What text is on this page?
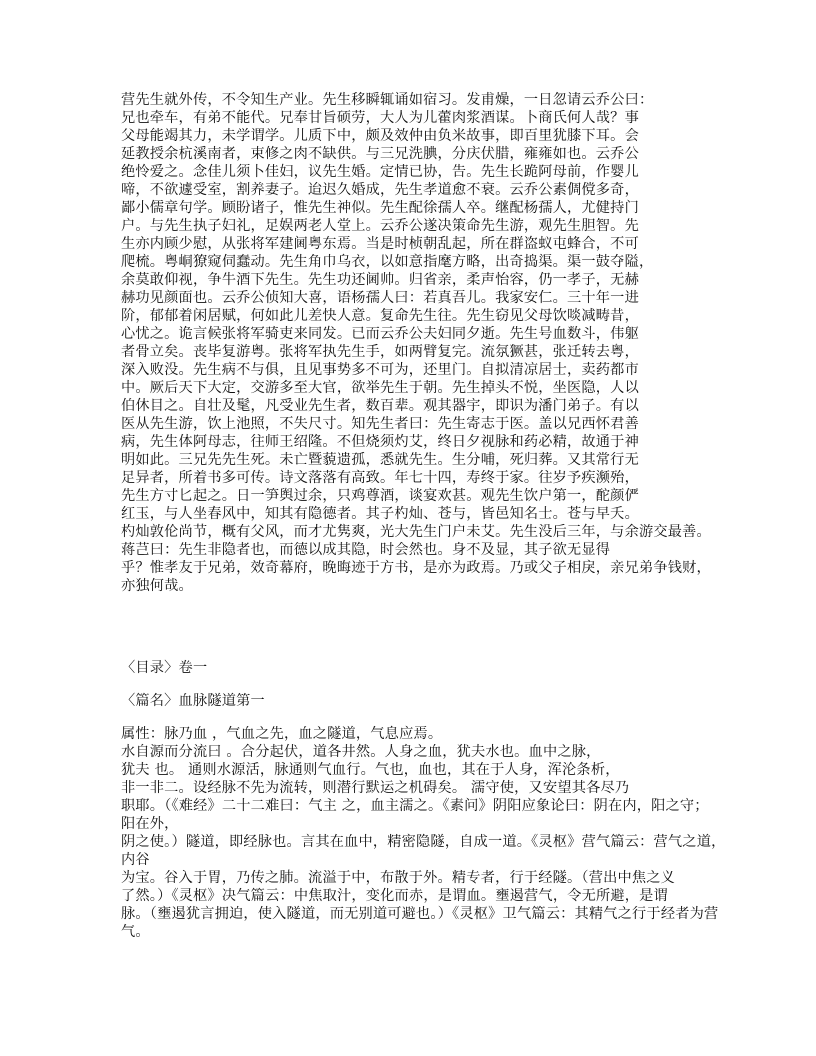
营先生就外传，不令知生产业。先生移瞬辄诵如宿习。发甫燥，一日忽请云乔公曰：
兄也牵车，有弟不能代。兄奉甘旨硕劳，大人为儿藿肉浆酒谋。卜商氏何人哉？事
父母能竭其力，未学谓学。儿质下中，颇及效仲由负米故事，即百里犹膝下耳。会
延教授余杭溪南者，束修之肉不缺供。与三兄洗腆，分庆伏腊，雍雍如也。云乔公
绝怜爱之。念佳儿须卜佳妇，议先生婚。定情已协，告。先生长跪阿母前，作婴儿
啼，不欲遽受室，割养妻子。迨迟久婚成，先生孝道愈不衰。云乔公素倜傥多奇，
鄙小儒章句学。顾盼诸子，惟先生神似。先生配徐孺人卒。继配杨孺人，尤健持门
户。与先生执子妇礼，足娱两老人堂上。云乔公遂决策命先生游，观先生胆智。先
生亦内顾少慰，从张将军建阃粤东焉。当是时桢朝乱起，所在群盗蚁屯蜂合，不可
爬梳。粤峒獠窥伺蠢动。先生角巾乌衣，以如意指麾方略，出奇捣渠。渠一鼓夺隘，
余莫敢仰视，争牛酒下先生。先生功还阃帅。归省亲，柔声怡容，仍一孝子，无赫
赫功见颜面也。云乔公侦知大喜，语杨孺人曰：若真吾儿。我家安仁。三十年一进
阶，郁郁着闲居赋，何如此儿差快人意。复命先生往。先生窃见父母饮啖减畴昔，
心忧之。诡言候张将军骑吏来同发。已而云乔公夫妇同夕逝。先生号血数斗，伟躯
者骨立矣。丧毕复游粤。张将军执先生手，如两臂复完。流氛獗甚，张迁转去粤，
深入败没。先生病不与俱，且见事势多不可为，还里门。自拟清凉居士，卖药都市
中。厥后天下大定，交游多至大官，欲举先生于朝。先生掉头不悦，坐医隐，人以
伯休目之。自壮及髦，凡受业先生者，数百辈。观其器宇，即识为潘门弟子。有以
医从先生游，饮上池照，不失尺寸。知先生者曰：先生寄志于医。盖以兄西怀君善
病，先生体阿母志，往师王绍隆。不但烧须灼艾，终日夕视脉和药必精，故通于神
明如此。三兄先先生死。未亡暨藐遗孤，悉就先生。生分哺，死归葬。又其常行无
足异者，所着书多可传。诗文落落有高致。年七十四，寿终于家。往岁予疾濒殆，
先生方寸匕起之。日一笋舆过余，只鸡尊酒，谈宴欢甚。观先生饮户第一，酡颜俨
红玉，与人坐春风中，知其有隐德者。其子杓灿、苍与，皆邑知名士。苍与早夭。
杓灿敦伦尚节，概有父风，而才尤隽爽，光大先生门户未艾。先生没后三年，与余游交最善。
蒋芑曰：先生非隐者也，而德以成其隐，时会然也。身不及显，其子欲无显得
乎？惟孝友于兄弟，效奇幕府，晚晦迹于方书，是亦为政焉。乃或父子相戾，亲兄弟争钱财，
亦独何哉。
〈目录〉卷一
〈篇名〉血脉隧道第一
属性：脉乃血 ，气血之先，血之隧道，气息应焉。
水自源而分流曰 。合分起伏，道各井然。人身之血，犹夫水也。血中之脉，
犹夫 也。 通则水源活，脉通则气血行。气也，血也，其在于人身，浑沦条析，
非一非二。设经脉不先为流转，则潜行默运之机碍矣。 濡守使，又安望其各尽乃
职耶。（《难经》二十二难曰：气主 之，血主濡之。《素问》阴阳应象论曰：阴在内，阳之守；
阳在外，
阴之使。）隧道，即经脉也。言其在血中，精密隐隧，自成一道。《灵枢》营气篇云：营气之道，
内谷
为宝。谷入于胃，乃传之肺。流溢于中，布散于外。精专者，行于经隧。（营出中焦之义
了然。）《灵枢》决气篇云：中焦取汁，变化而赤，是谓血。壅遏营气，令无所避，是谓
脉。（壅遏犹言拥迫，使入隧道，而无别道可避也。）《灵枢》卫气篇云：其精气之行于经者为营
气。
